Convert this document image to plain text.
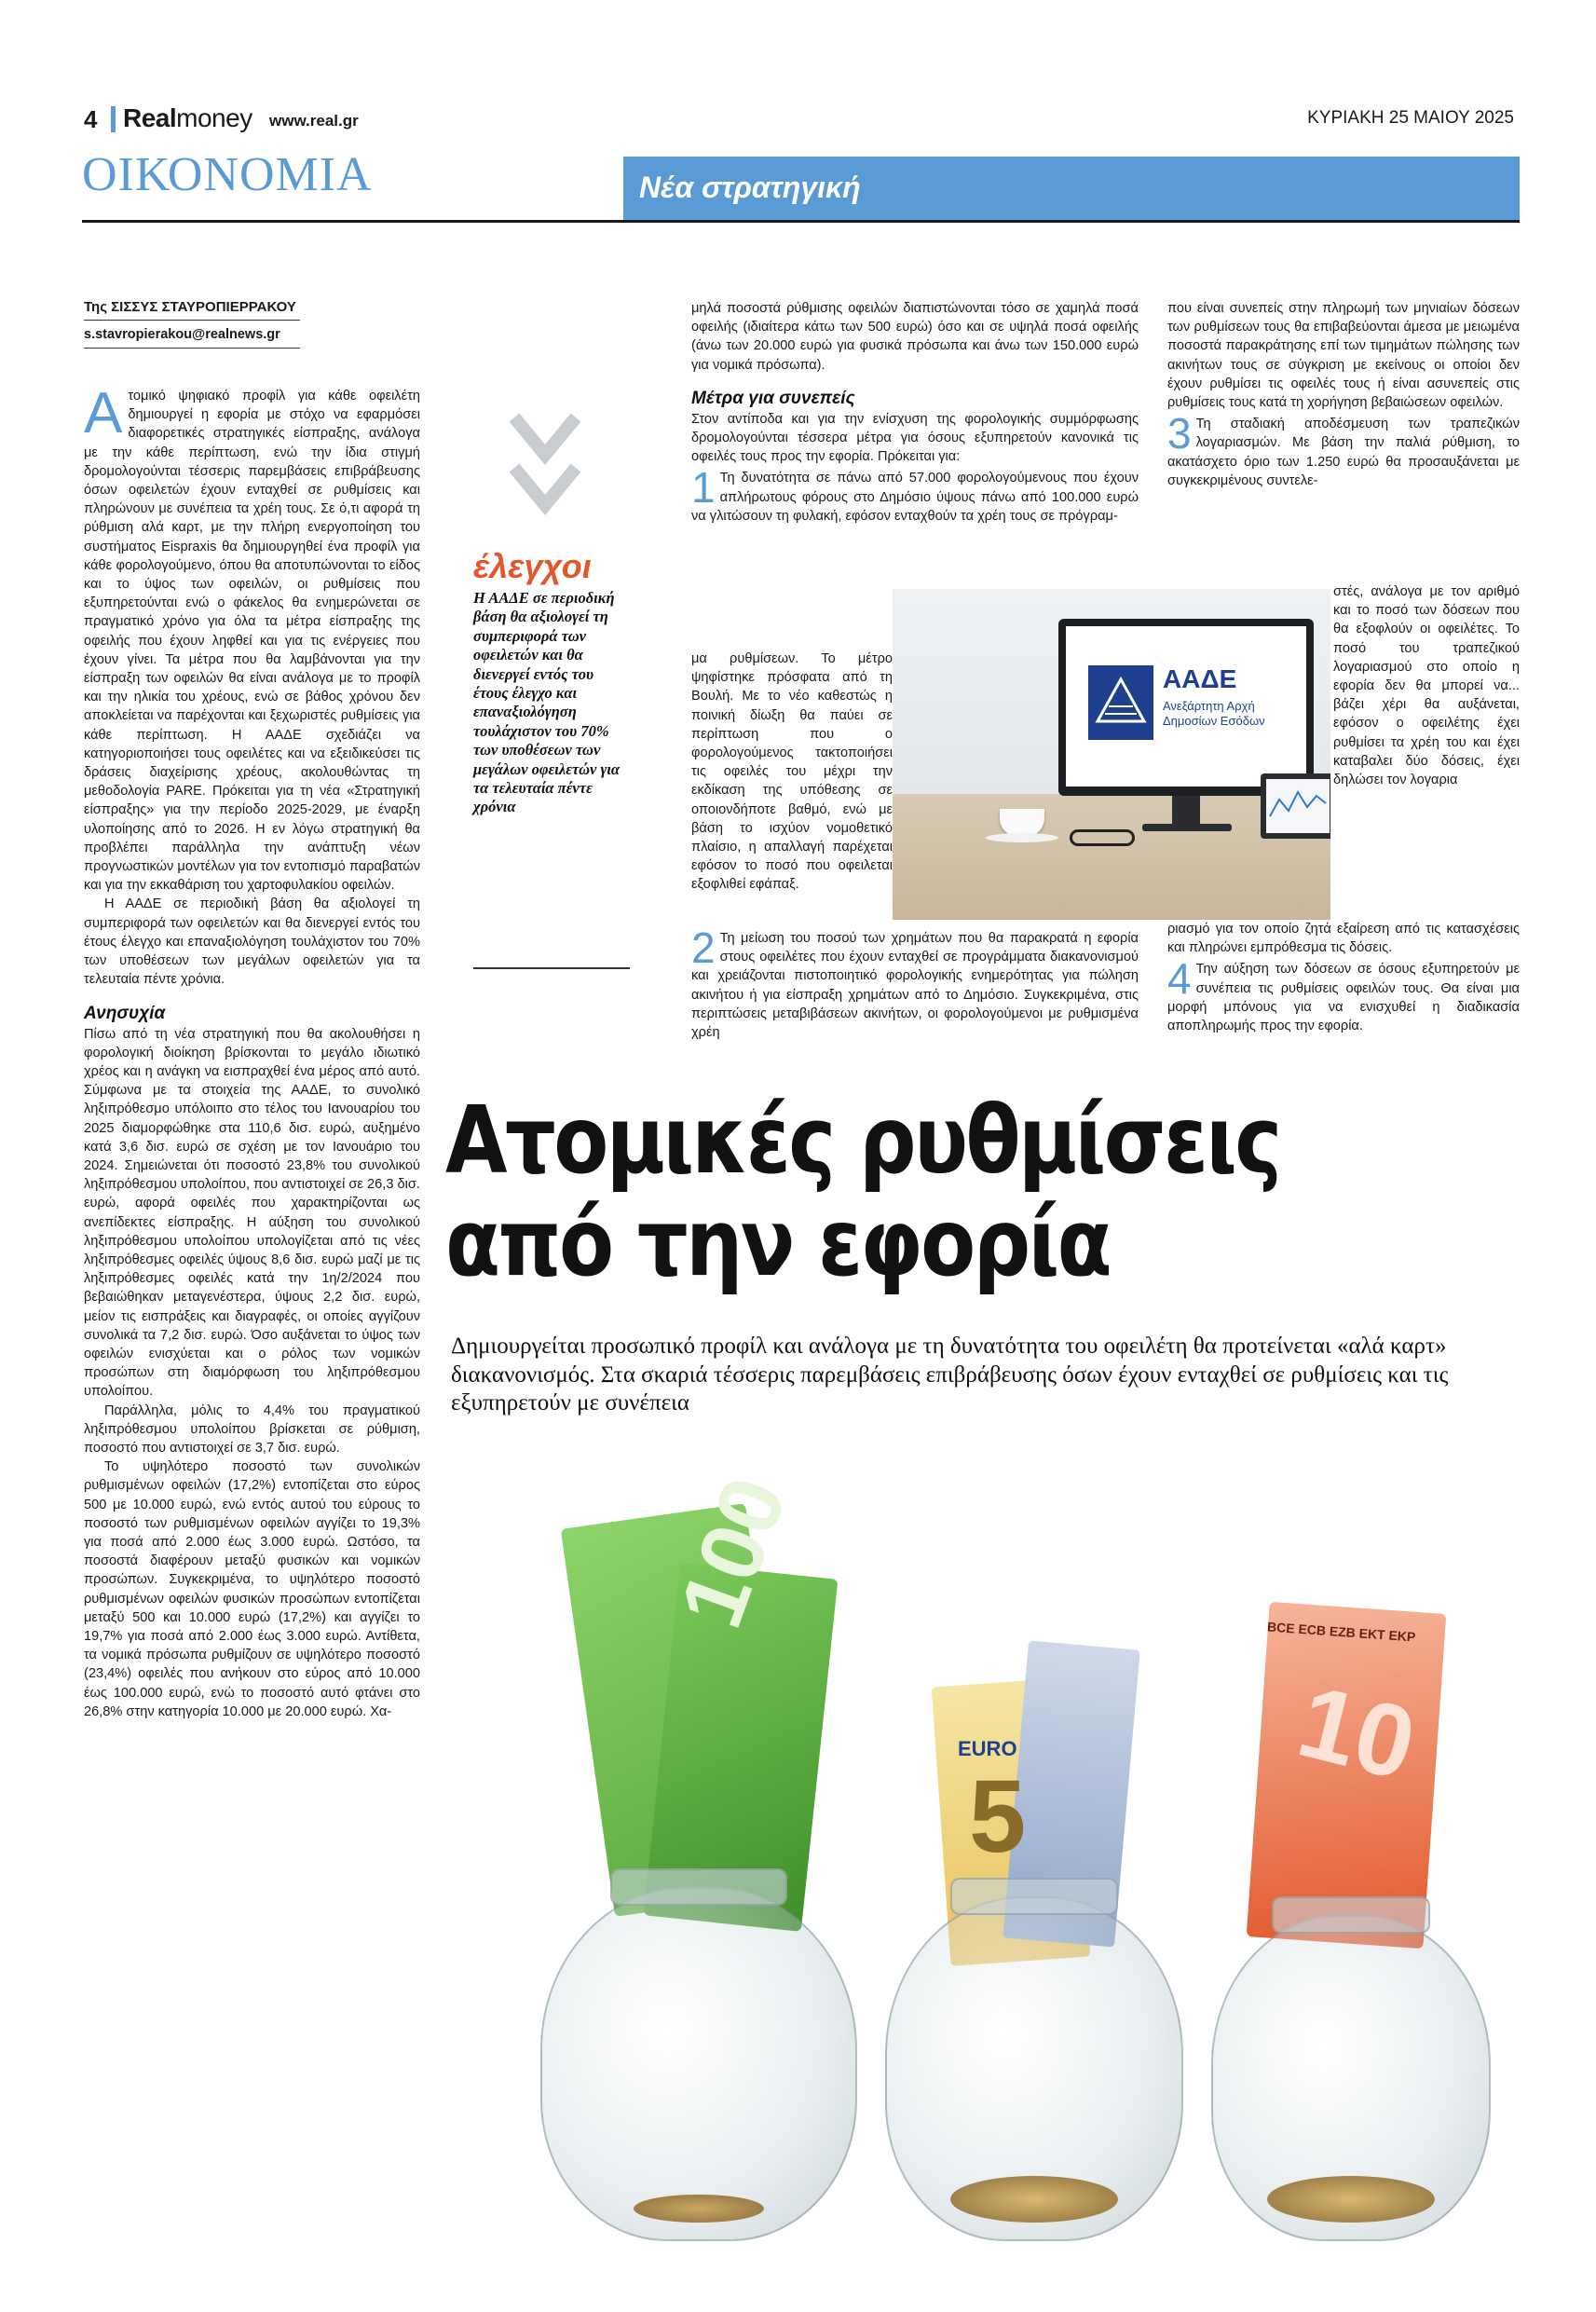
4 Realmoney www.real.gr	ΚΥΡΙΑΚΗ 25 ΜΑΙΟΥ 2025
ΟΙΚΟΝΟΜΙΑ	Νέα στρατηγική
Της ΣΙΣΣΥΣ ΣΤΑΥΡΟΠΙΕΡΡΑΚΟΥ
s.stavropierakou@realnews.gr

Ατομικό ψηφιακό προφίλ για κάθε οφειλέτη δημιουργεί η εφορία με στόχο να εφαρμόσει διαφορετικές στρατηγικές είσπραξης, ανάλογα με την κάθε περίπτωση, ενώ την ίδια στιγμή δρομολογούνται τέσσερις παρεμβάσεις επιβράβευσης όσων οφειλετών έχουν ενταχθεί σε ρυθμίσεις και πληρώνουν με συνέπεια τα χρέη τους. Σε ό,τι αφορά τη ρύθμιση αλά καρτ, με την πλήρη ενεργοποίηση του συστήματος Eispraxis θα δημιουργηθεί ένα προφίλ για κάθε φορολογούμενο, όπου θα αποτυπώνονται το είδος και το ύψος των οφειλών, οι ρυθμίσεις που εξυπηρετούνται ενώ ο φάκελος θα ενημερώνεται σε πραγματικό χρόνο για όλα τα μέτρα είσπραξης της οφειλής που έχουν ληφθεί και για τις ενέργειες που έχουν γίνει. Τα μέτρα που θα λαμβάνονται για την είσπραξη των οφειλών θα είναι ανάλογα με το προφίλ και την ηλικία του χρέους, ενώ σε βάθος χρόνου δεν αποκλείεται να παρέχονται και ξεχωριστές ρυθμίσεις για κάθε περίπτωση. Η ΑΑΔΕ σχεδιάζει να κατηγοριοποιήσει τους οφειλέτες και να εξειδικεύσει τις δράσεις διαχείρισης χρέους, ακολουθώντας τη μεθοδολογία PARE. Πρόκειται για τη νέα «Στρατηγική είσπραξης» για την περίοδο 2025-2029, με έναρξη υλοποίησης από το 2026. Η εν λόγω στρατηγική θα προβλέπει παράλληλα την ανάπτυξη νέων προγνωστικών μοντέλων για τον εντοπισμό παραβατών και για την εκκαθάριση του χαρτοφυλακίου οφειλών.

Η ΑΑΔΕ σε περιοδική βάση θα αξιολογεί τη συμπεριφορά των οφειλετών και θα διενεργεί εντός του έτους έλεγχο και επαναξιολόγηση τουλάχιστον του 70% των υποθέσεων των μεγάλων οφειλετών για τα τελευταία πέντε χρόνια.

Ανησυχία

Πίσω από τη νέα στρατηγική που θα ακολουθήσει η φορολογική διοίκηση βρίσκονται το μεγάλο ιδιωτικό χρέος και η ανάγκη να εισπραχθεί ένα μέρος από αυτό. Σύμφωνα με τα στοιχεία της ΑΑΔΕ, το συνολικό ληξιπρόθεσμο υπόλοιπο στο τέλος του Ιανουαρίου του 2025 διαμορφώθηκε στα 110,6 δισ. ευρώ, αυξημένο κατά 3,6 δισ. ευρώ σε σχέση με τον Ιανουάριο του 2024. Σημειώνεται ότι ποσοστό 23,8% του συνολικού ληξιπρόθεσμου υπολοίπου, που αντιστοιχεί σε 26,3 δισ. ευρώ, αφορά οφειλές που χαρακτηρίζονται ως ανεπίδεκτες είσπραξης. Η αύξηση του συνολικού ληξιπρόθεσμου υπολοίπου υπολογίζεται από τις νέες ληξιπρόθεσμες οφειλές ύψους 8,6 δισ. ευρώ μαζί με τις ληξιπρόθεσμες οφειλές κατά την 1η/2/2024 που βεβαιώθηκαν μεταγενέστερα, ύψους 2,2 δισ. ευρώ, μείον τις εισπράξεις και διαγραφές, οι οποίες αγγίζουν συνολικά τα 7,2 δισ. ευρώ. Όσο αυξάνεται το ύψος των οφειλών ενισχύεται και ο ρόλος των νομικών προσώπων στη διαμόρφωση του ληξιπρόθεσμου υπολοίπου.

Παράλληλα, μόλις το 4,4% του πραγματικού ληξιπρόθεσμου υπολοίπου βρίσκεται σε ρύθμιση, ποσοστό που αντιστοιχεί σε 3,7 δισ. ευρώ.

Το υψηλότερο ποσοστό των συνολικών ρυθμισμένων οφειλών (17,2%) εντοπίζεται στο εύρος 500 με 10.000 ευρώ, ενώ εντός αυτού του εύρους το ποσοστό των ρυθμισμένων οφειλών αγγίζει το 19,3% για ποσά από 2.000 έως 3.000 ευρώ. Ωστόσο, τα ποσοστά διαφέρουν μεταξύ φυσικών και νομικών προσώπων. Συγκεκριμένα, το υψηλότερο ποσοστό ρυθμισμένων οφειλών φυσικών προσώπων εντοπίζεται μεταξύ 500 και 10.000 ευρώ (17,2%) και αγγίζει το 19,7% για ποσά από 2.000 έως 3.000 ευρώ. Αντίθετα, τα νομικά πρόσωπα ρυθμίζουν σε υψηλότερο ποσοστό (23,4%) οφειλές που ανήκουν στο εύρος από 10.000 έως 100.000 ευρώ, ενώ το ποσοστό αυτό φτάνει στο 26,8% στην κατηγορία 10.000 με 20.000 ευρώ. Χα-

έλεγχοι
Η ΑΑΔΕ σε περιοδική βάση θα αξιολογεί τη συμπεριφορά των οφειλετών και θα διενεργεί εντός του έτους έλεγχο και επαναξιολόγηση τουλάχιστον του 70% των υποθέσεων των μεγάλων οφειλετών για τα τελευταία πέντε χρόνια

μηλά ποσοστά ρύθμισης οφειλών διαπιστώνονται τόσο σε χαμηλά ποσά οφειλής (ιδιαίτερα κάτω των 500 ευρώ) όσο και σε υψηλά ποσά οφειλής (άνω των 20.000 ευρώ για φυσικά πρόσωπα και άνω των 150.000 ευρώ για νομικά πρόσωπα).

Μέτρα για συνεπείς

Στον αντίποδα και για την ενίσχυση της φορολογικής συμμόρφωσης δρομολογούνται τέσσερα μέτρα για όσους εξυπηρετούν κανονικά τις οφειλές τους προς την εφορία. Πρόκειται για:

1 Τη δυνατότητα σε πάνω από 57.000 φορολογούμενους που έχουν απλήρωτους φόρους στο Δημόσιο ύψους πάνω από 100.000 ευρώ να γλιτώσουν τη φυλακή, εφόσον ενταχθούν τα χρέη τους σε πρόγραμ-

μα ρυθμίσεων. Το μέτρο ψηφίστηκε πρόσφατα από τη Βουλή. Με το νέο καθεστώς η ποινική δίωξη θα παύει σε περίπτωση που ο φορολογούμενος τακτοποιήσει τις οφειλές του μέχρι την εκδίκαση της υπόθεσης σε οποιονδήποτε βαθμό, ενώ με βάση το ισχύον νομοθετικό πλαίσιο, η απαλλαγή παρέχεται εφόσον το ποσό που οφειλεται εξοφλιθεί εφάπαξ.

2 Τη μείωση του ποσού των χρημάτων που θα παρακρατά η εφορία στους οφειλέτες που έχουν ενταχθεί σε προγράμματα διακανονισμού και χρειάζονται πιστοποιητικό φορολογικής ενημερότητας για πώληση ακινήτου ή για είσπραξη χρημάτων από το Δημόσιο. Συγκεκριμένα, στις περιπτώσεις μεταβιβάσεων ακινήτων, οι φορολογούμενοι με ρυθμισμένα χρέη

που είναι συνεπείς στην πληρωμή των μηνιαίων δόσεων των ρυθμίσεων τους θα επιβαβεύονται άμεσα με μειωμένα ποσοστά παρακράτησης επί των τιμημάτων πώλησης των ακινήτων τους σε σύγκριση με εκείνους οι οποίοι δεν έχουν ρυθμίσει τις οφειλές τους ή είναι ασυνεπείς στις ρυθμίσεις τους κατά τη χορήγηση βεβαιώσεων οφειλών.

3 Τη σταδιακή αποδέσμευση των τραπεζικών λογαριασμών. Με βάση την παλιά ρύθμιση, το ακατάσχετο όριο των 1.250 ευρώ θα προσαυξάνεται με συγκεκριμένους συντελε-

στές, ανάλογα με τον αριθμό και το ποσό των δόσεων που θα εξοφλούν οι οφειλέτες. Το ποσό του τραπεζικού λογαριασμού στο οποίο η εφορία δεν θα μπορεί να... βάζει χέρι θα αυξάνεται, εφόσον ο οφειλέτης έχει ρυθμίσει τα χρέη του και έχει καταβαλει δύο δόσεις, έχει δηλώσει τον λογαρια

ριασμό για τον οποίο ζητά εξαίρεση από τις κατασχέσεις και πληρώνει εμπρόθεσμα τις δόσεις.

4 Την αύξηση των δόσεων σε όσους εξυπηρετούν με συνέπεια τις ρυθμίσεις οφειλών τους. Θα είναι μια μορφή μπόνους για να ενισχυθεί η διαδικασία αποπληρωμής προς την εφορία.

ΑΑΔΕ
Ανεξάρτητη Αρχή
Δημοσίων Εσόδων
Ατομικές ρυθμίσεις
από την εφορία
Δημιουργείται προσωπικό προφίλ και ανάλογα με τη δυνατότητα του οφειλέτη θα προτείνεται «αλά καρτ» διακανονισμός. Στα σκαριά τέσσερις παρεμβάσεις επιβράβευσης όσων έχουν ενταχθεί σε ρυθμίσεις και τις εξυπηρετούν με συνέπεια
100
5
EURO	10
BCE ECB EZB EKT EKP
